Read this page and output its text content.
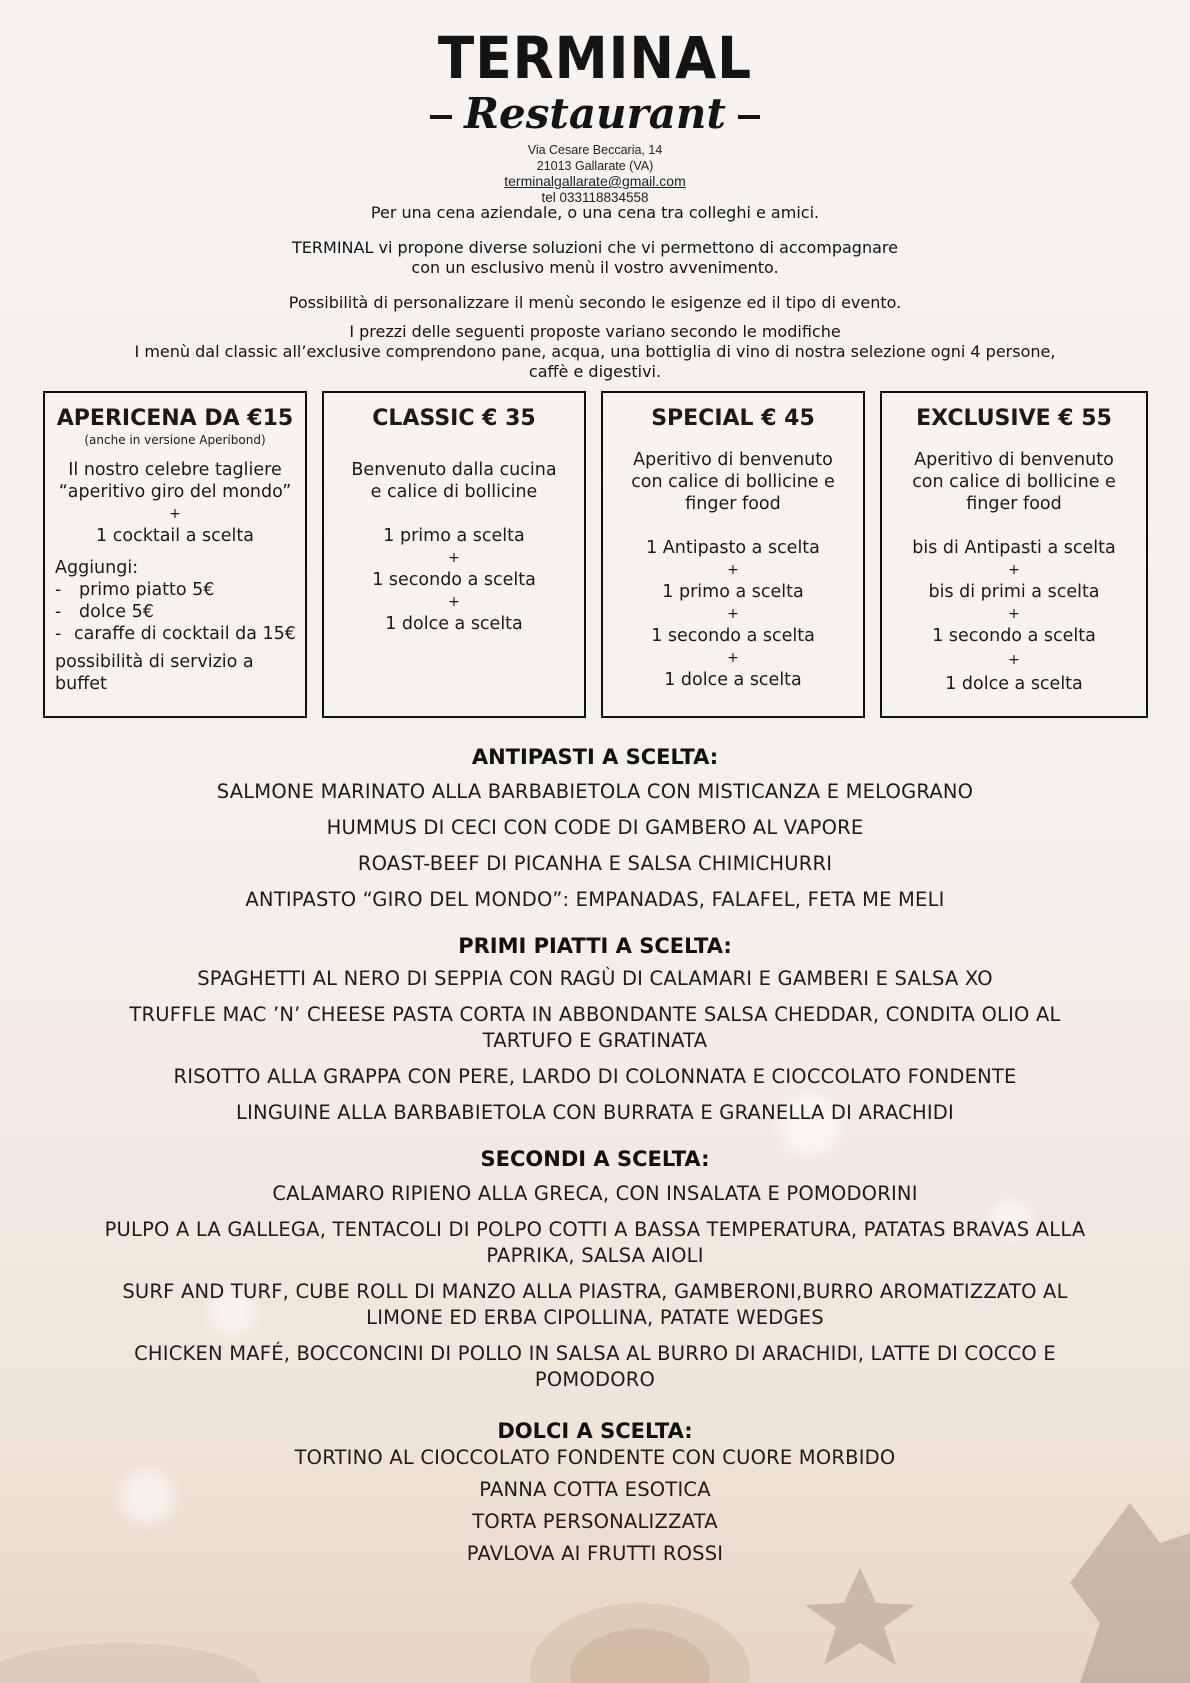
TERMINAL
Restaurant
Via Cesare Beccaria, 14
21013 Gallarate (VA)
terminalgallarate@gmail.com
tel 033118834558

Per una cena aziendale, o una cena tra colleghi e amici.

TERMINAL vi propone diverse soluzioni che vi permettono di accompagnare

con un esclusivo menù il vostro avvenimento.

Possibilità di personalizzare il menù secondo le esigenze ed il tipo di evento.

I prezzi delle seguenti proposte variano secondo le modifiche

I menù dal classic all’exclusive comprendono pane, acqua, una bottiglia di vino di nostra selezione ogni 4 persone,

caffè e digestivi.

APERICENA DA €15
(anche in versione Aperibond)
Il nostro celebre tagliere
“aperitivo giro del mondo”
+
1 cocktail a scelta
Aggiungi:
- primo piatto 5€
- dolce 5€
- caraffe di cocktail da 15€
possibilità di servizio a buffet
CLASSIC € 35
Benvenuto dalla cucina
e calice di bollicine
1 primo a scelta
+
1 secondo a scelta
+
1 dolce a scelta
SPECIAL € 45
Aperitivo di benvenuto
con calice di bollicine e
finger food
1 Antipasto a scelta
+
1 primo a scelta
+
1 secondo a scelta
+
1 dolce a scelta
EXCLUSIVE € 55
Aperitivo di benvenuto
con calice di bollicine e
finger food
bis di Antipasti a scelta
+
bis di primi a scelta
+
1 secondo a scelta
+
1 dolce a scelta
ANTIPASTI A SCELTA:
SALMONE MARINATO ALLA BARBABIETOLA CON MISTICANZA E MELOGRANO
HUMMUS DI CECI CON CODE DI GAMBERO AL VAPORE
ROAST-BEEF DI PICANHA E SALSA CHIMICHURRI
ANTIPASTO “GIRO DEL MONDO”: EMPANADAS, FALAFEL, FETA ME MELI
PRIMI PIATTI A SCELTA:
SPAGHETTI AL NERO DI SEPPIA CON RAGÙ DI CALAMARI E GAMBERI E SALSA XO
TRUFFLE MAC ’N’ CHEESE PASTA CORTA IN ABBONDANTE SALSA CHEDDAR, CONDITA OLIO AL TARTUFO E GRATINATA
RISOTTO ALLA GRAPPA CON PERE, LARDO DI COLONNATA E CIOCCOLATO FONDENTE
LINGUINE ALLA BARBABIETOLA CON BURRATA E GRANELLA DI ARACHIDI
SECONDI A SCELTA:
CALAMARO RIPIENO ALLA GRECA, CON INSALATA E POMODORINI
PULPO A LA GALLEGA, TENTACOLI DI POLPO COTTI A BASSA TEMPERATURA, PATATAS BRAVAS ALLA PAPRIKA, SALSA AIOLI
SURF AND TURF, CUBE ROLL DI MANZO ALLA PIASTRA, GAMBERONI,BURRO AROMATIZZATO AL LIMONE ED ERBA CIPOLLINA, PATATE WEDGES
CHICKEN MAFÉ, BOCCONCINI DI POLLO IN SALSA AL BURRO DI ARACHIDI, LATTE DI COCCO E POMODORO
DOLCI A SCELTA:
TORTINO AL CIOCCOLATO FONDENTE CON CUORE MORBIDO
PANNA COTTA ESOTICA
TORTA PERSONALIZZATA
PAVLOVA AI FRUTTI ROSSI
